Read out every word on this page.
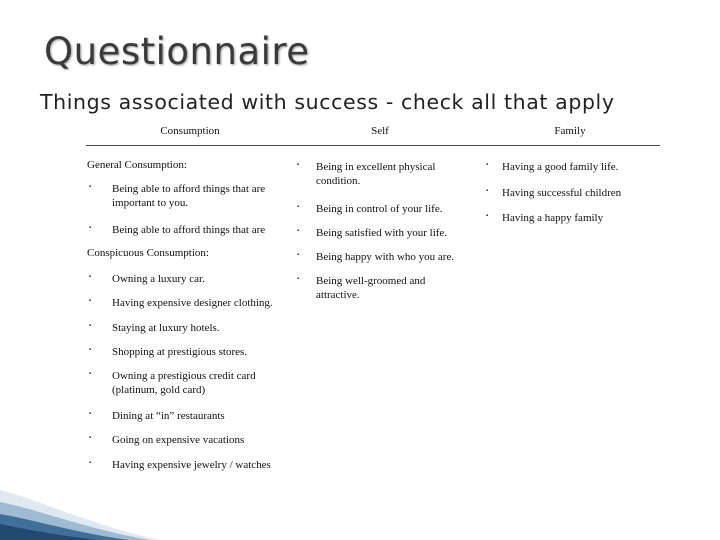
Questionnaire
Things associated with success - check all that apply
Consumption	Self	Family
General Consumption:
▪ Being able to afford things that are
important to you.
▪ Being able to afford things that are
Conspicuous Consumption:
▪ Owning a luxury car.
▪ Having expensive designer clothing.
▪ Staying at luxury hotels.
▪ Shopping at prestigious stores.
▪ Owning a prestigious credit card
(platinum, gold card)
▪ Dining at “in” restaurants
▪ Going on expensive vacations
▪ Having expensive jewelry / watches
▪ Being in excellent physical
condition.
▪ Being in control of your life.
▪ Being satisfied with your life.
▪ Being happy with who you are.
▪ Being well-groomed and
attractive.
▪ Having a good family life.
▪ Having successful children
▪ Having a happy family
